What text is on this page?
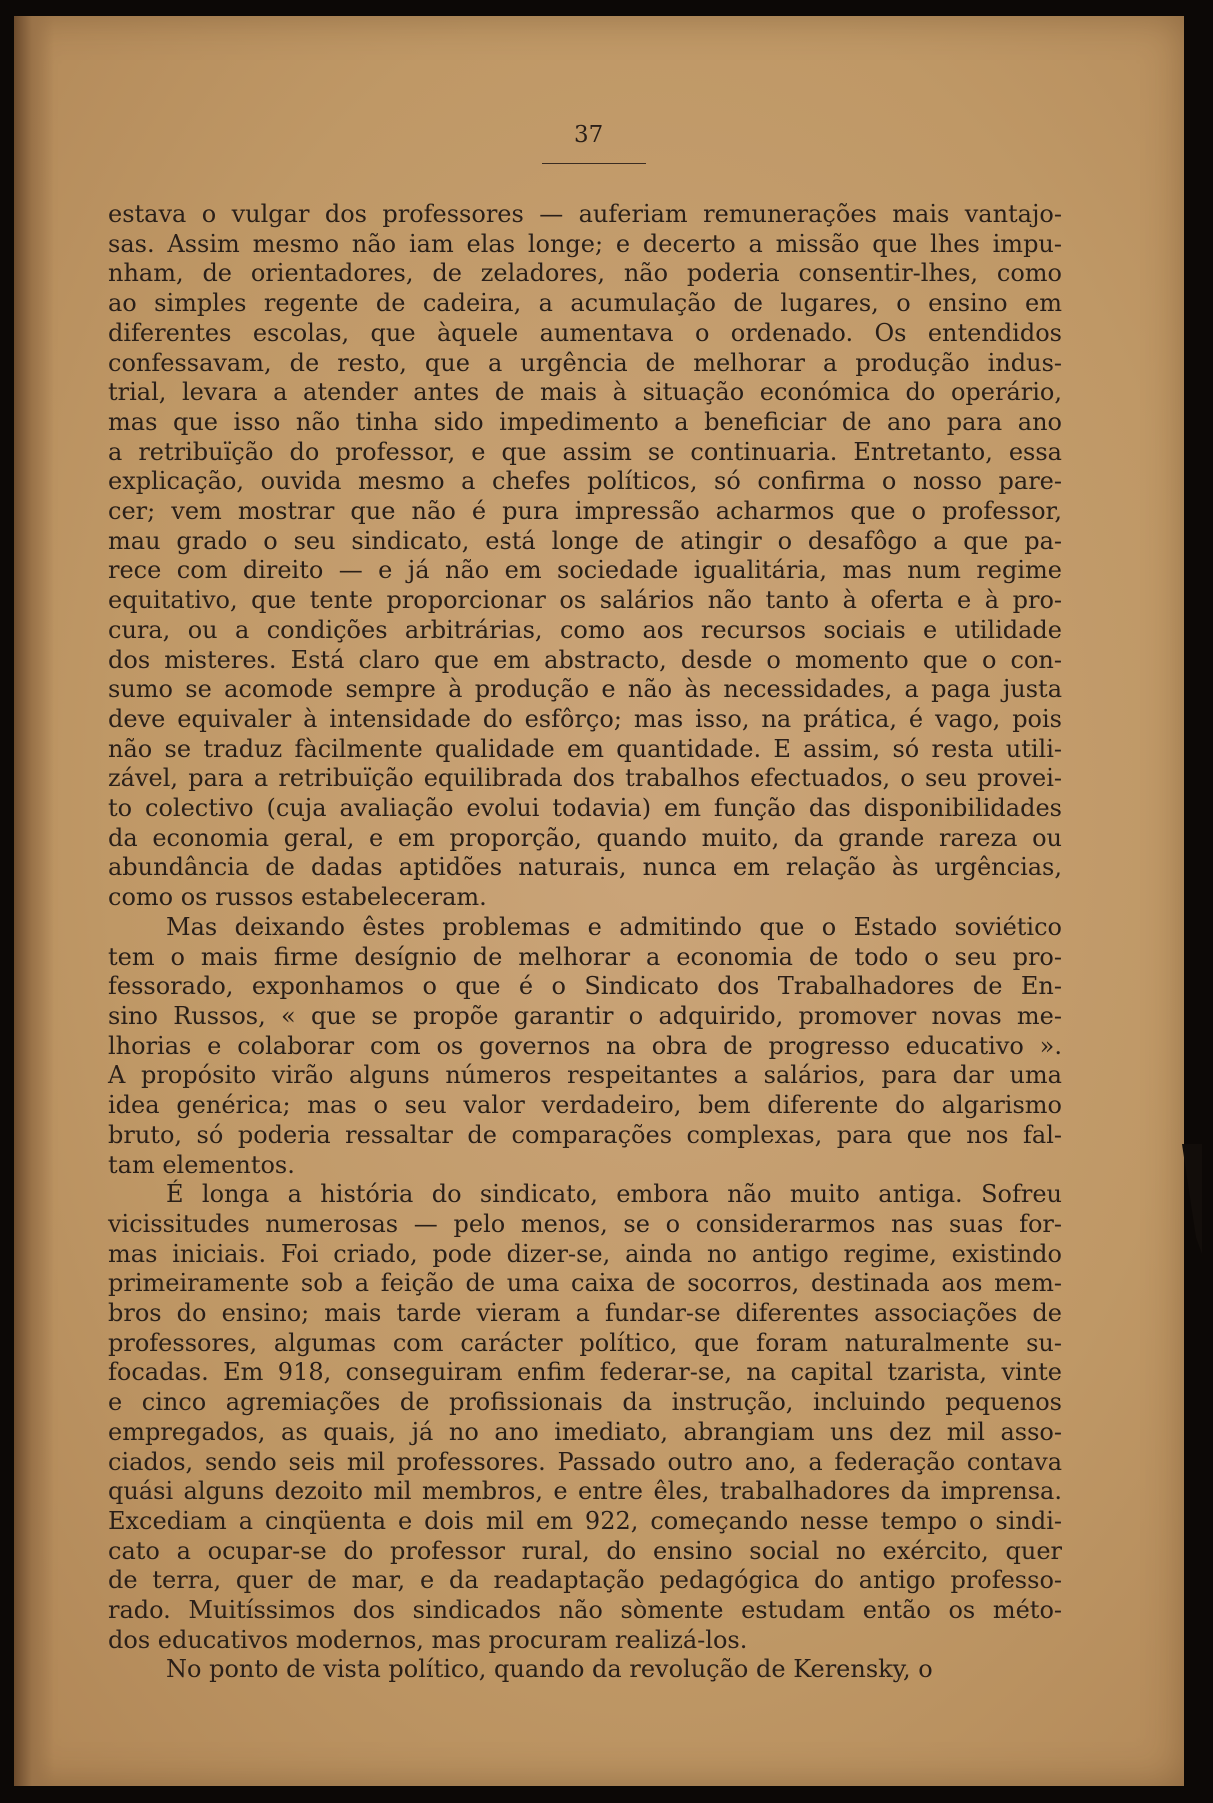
37
estava o vulgar dos professores — auferiam remunerações mais vantajo-
sas. Assim mesmo não iam elas longe; e decerto a missão que lhes impu-
nham, de orientadores, de zeladores, não poderia consentir-lhes, como
ao simples regente de cadeira, a acumulação de lugares, o ensino em
diferentes escolas, que àquele aumentava o ordenado. Os entendidos
confessavam, de resto, que a urgência de melhorar a produção indus-
trial, levara a atender antes de mais à situação económica do operário,
mas que isso não tinha sido impedimento a beneficiar de ano para ano
a retribuïção do professor, e que assim se continuaria. Entretanto, essa
explicação, ouvida mesmo a chefes políticos, só confirma o nosso pare-
cer; vem mostrar que não é pura impressão acharmos que o professor,
mau grado o seu sindicato, está longe de atingir o desafôgo a que pa-
rece com direito — e já não em sociedade igualitária, mas num regime
equitativo, que tente proporcionar os salários não tanto à oferta e à pro-
cura, ou a condições arbitrárias, como aos recursos sociais e utilidade
dos misteres. Está claro que em abstracto, desde o momento que o con-
sumo se acomode sempre à produção e não às necessidades, a paga justa
deve equivaler à intensidade do esfôrço; mas isso, na prática, é vago, pois
não se traduz fàcilmente qualidade em quantidade. E assim, só resta utili-
zável, para a retribuïção equilibrada dos trabalhos efectuados, o seu provei-
to colectivo (cuja avaliação evolui todavia) em função das disponibilidades
da economia geral, e em proporção, quando muito, da grande rareza ou
abundância de dadas aptidões naturais, nunca em relação às urgências,
como os russos estabeleceram.
Mas deixando êstes problemas e admitindo que o Estado soviético
tem o mais firme desígnio de melhorar a economia de todo o seu pro-
fessorado, exponhamos o que é o Sindicato dos Trabalhadores de En-
sino Russos, « que se propõe garantir o adquirido, promover novas me-
lhorias e colaborar com os governos na obra de progresso educativo ».
A propósito virão alguns números respeitantes a salários, para dar uma
idea genérica; mas o seu valor verdadeiro, bem diferente do algarismo
bruto, só poderia ressaltar de comparações complexas, para que nos fal-
tam elementos.
É longa a história do sindicato, embora não muito antiga. Sofreu
vicissitudes numerosas — pelo menos, se o considerarmos nas suas for-
mas iniciais. Foi criado, pode dizer-se, ainda no antigo regime, existindo
primeiramente sob a feição de uma caixa de socorros, destinada aos mem-
bros do ensino; mais tarde vieram a fundar-se diferentes associações de
professores, algumas com carácter político, que foram naturalmente su-
focadas. Em 918, conseguiram enfim federar-se, na capital tzarista, vinte
e cinco agremiações de profissionais da instrução, incluindo pequenos
empregados, as quais, já no ano imediato, abrangiam uns dez mil asso-
ciados, sendo seis mil professores. Passado outro ano, a federação contava
quási alguns dezoito mil membros, e entre êles, trabalhadores da imprensa.
Excediam a cinqüenta e dois mil em 922, começando nesse tempo o sindi-
cato a ocupar-se do professor rural, do ensino social no exército, quer
de terra, quer de mar, e da readaptação pedagógica do antigo professo-
rado. Muitíssimos dos sindicados não sòmente estudam então os méto-
dos educativos modernos, mas procuram realizá-los.
No ponto de vista político, quando da revolução de Kerensky, o
